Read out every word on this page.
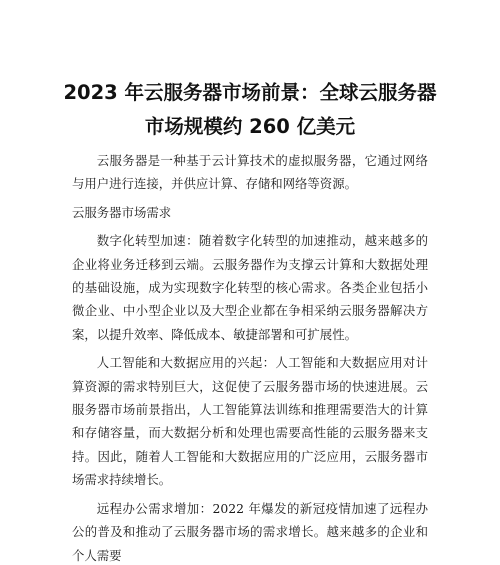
2023 年云服务器市场前景：全球云服务器
市场规模约 260 亿美元

云服务器是一种基于云计算技术的虚拟服务器，它通过网络与用户进行连接，并供应计算、存储和网络等资源。

云服务器市场需求

数字化转型加速：随着数字化转型的加速推动，越来越多的企业将业务迁移到云端。云服务器作为支撑云计算和大数据处理的基础设施，成为实现数字化转型的核心需求。各类企业包括小微企业、中小型企业以及大型企业都在争相采纳云服务器解决方案，以提升效率、降低成本、敏捷部署和可扩展性。

人工智能和大数据应用的兴起：人工智能和大数据应用对计算资源的需求特别巨大，这促使了云服务器市场的快速进展。云服务器市场前景指出，人工智能算法训练和推理需要浩大的计算和存储容量，而大数据分析和处理也需要高性能的云服务器来支持。因此，随着人工智能和大数据应用的广泛应用，云服务器市场需求持续增长。

远程办公需求增加：2022 年爆发的新冠疫情加速了远程办公的普及和推动了云服务器市场的需求增长。越来越多的企业和个人需要
